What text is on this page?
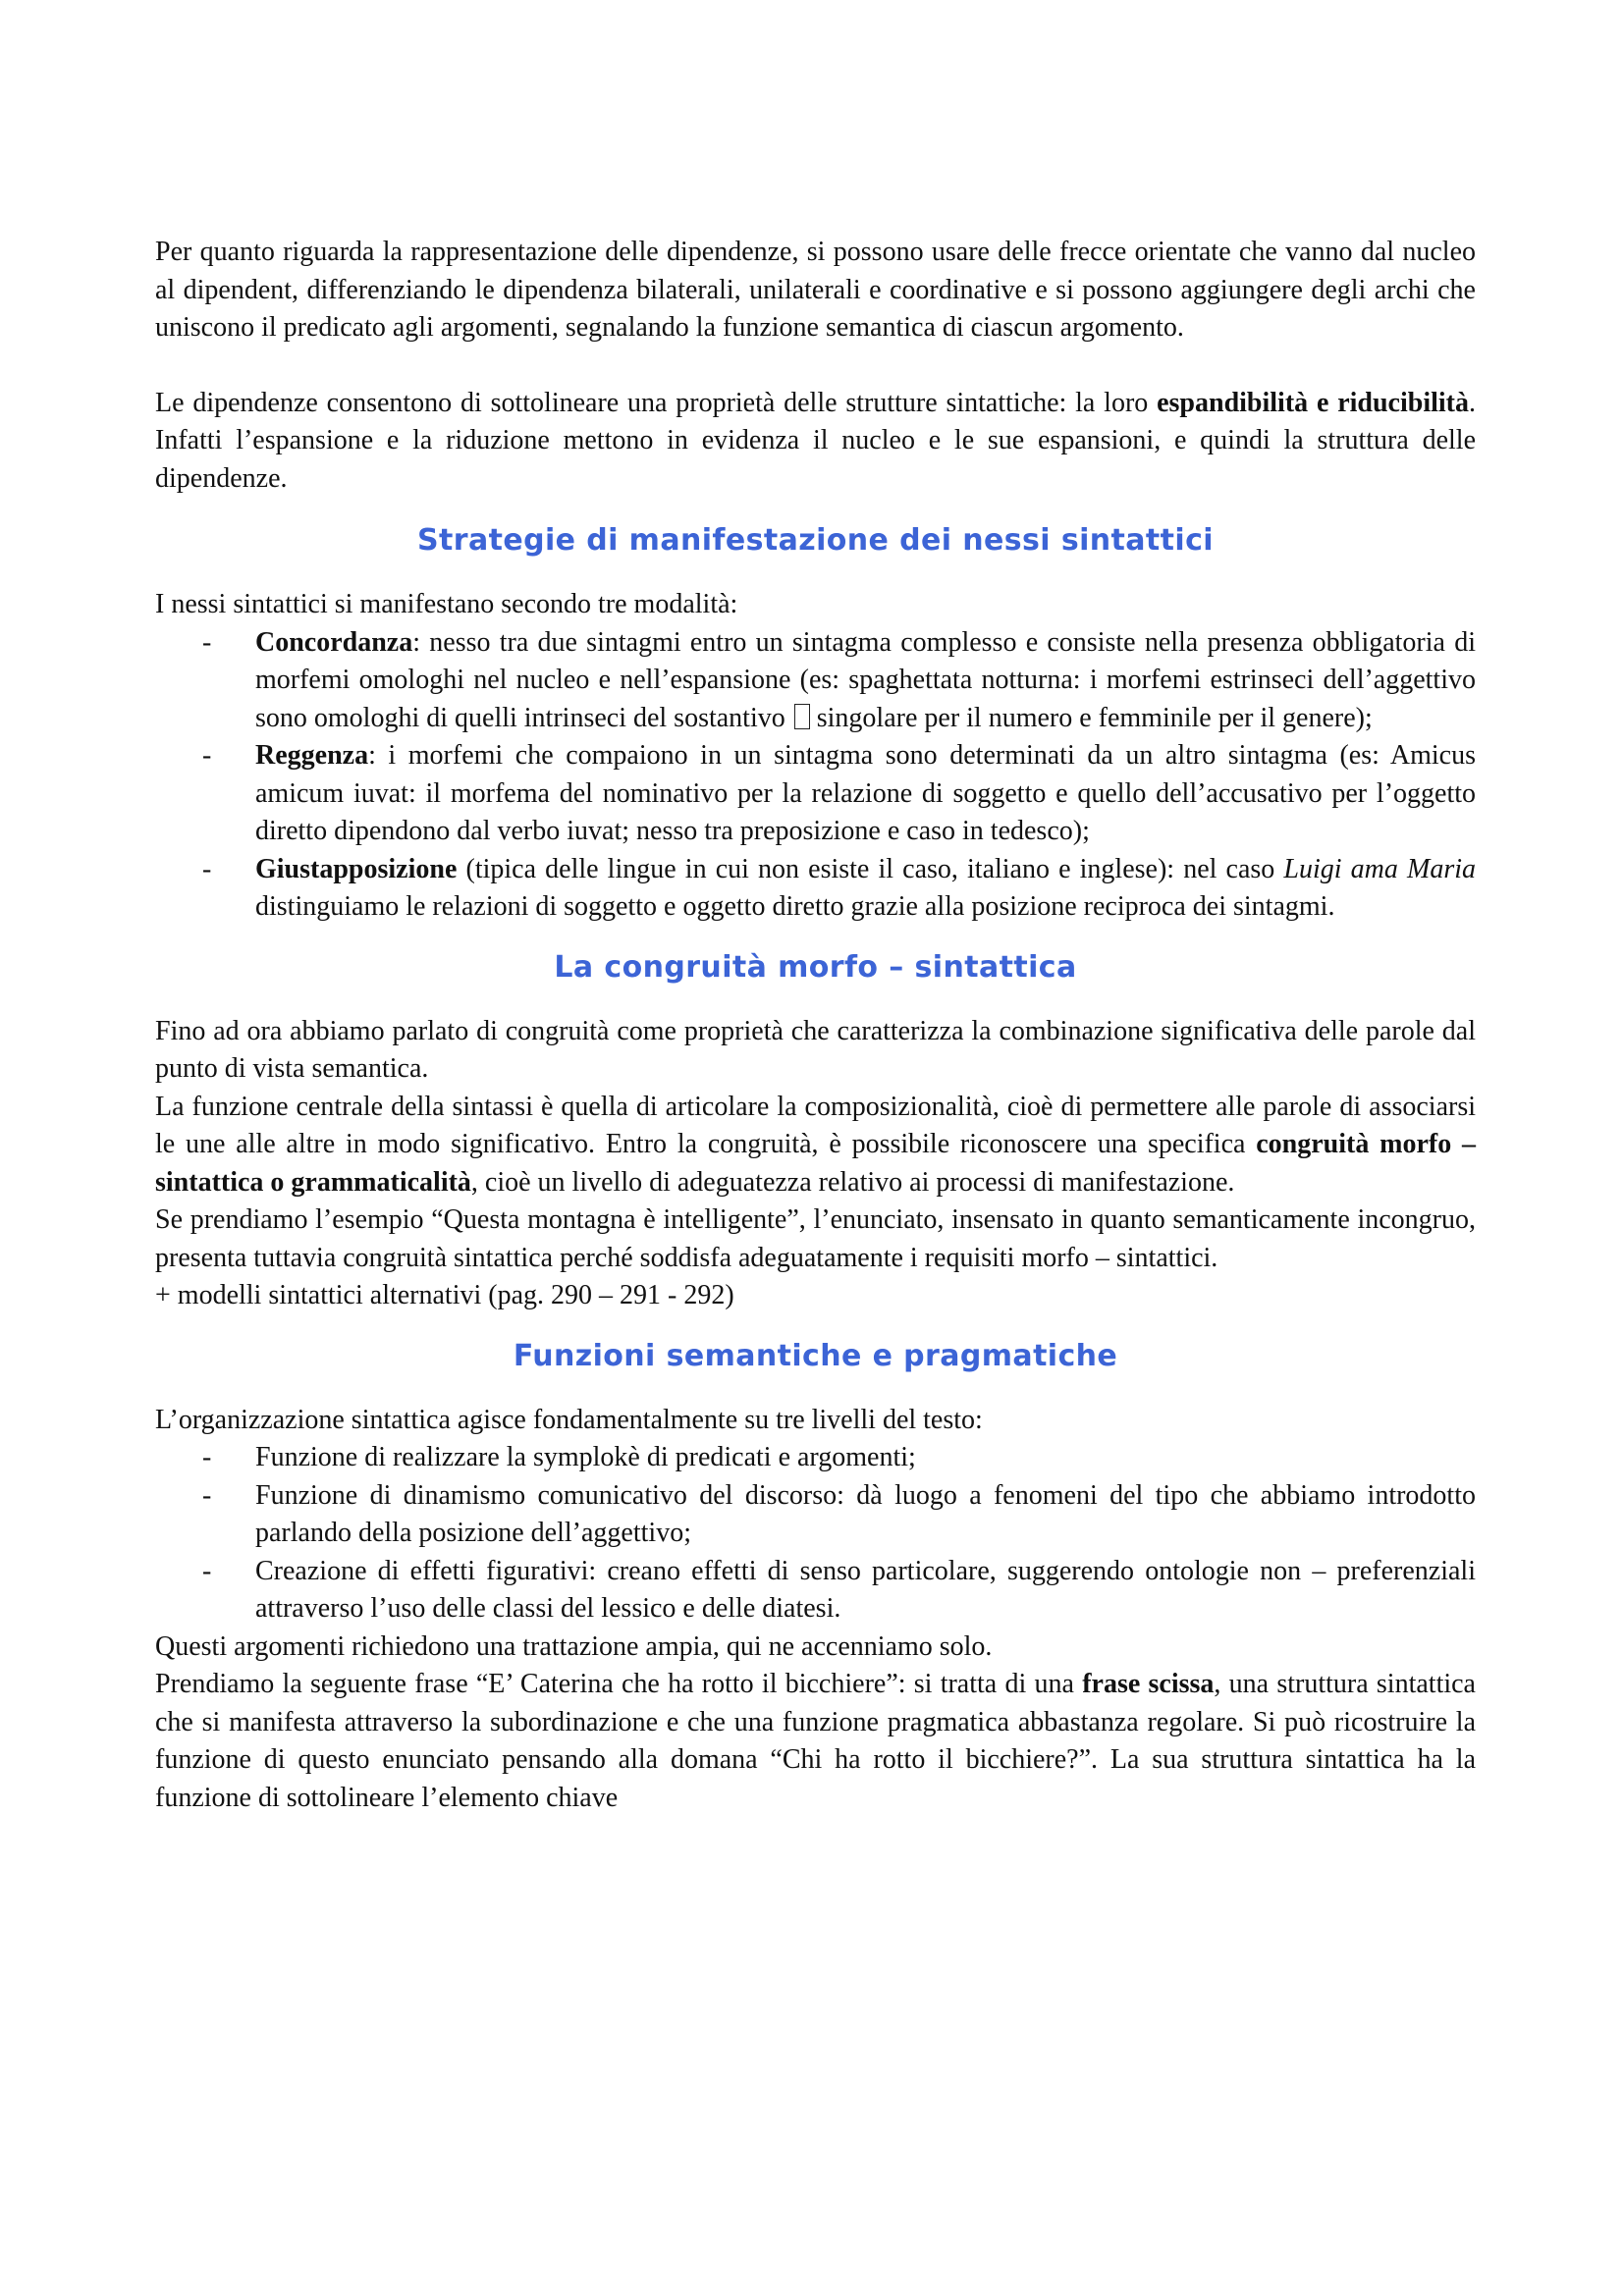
Per quanto riguarda la rappresentazione delle dipendenze, si possono usare delle frecce orientate che vanno dal nucleo al dipendent, differenziando le dipendenza bilaterali, unilaterali e coordinative e si possono aggiungere degli archi che uniscono il predicato agli argomenti, segnalando la funzione semantica di ciascun argomento.

Le dipendenze consentono di sottolineare una proprietà delle strutture sintattiche: la loro espandibilità e riducibilità. Infatti l’espansione e la riduzione mettono in evidenza il nucleo e le sue espansioni, e quindi la struttura delle dipendenze.

Strategie di manifestazione dei nessi sintattici

I nessi sintattici si manifestano secondo tre modalità:

- Concordanza: nesso tra due sintagmi entro un sintagma complesso e consiste nella presenza obbligatoria di morfemi omologhi nel nucleo e nell’espansione (es: spaghettata notturna: i morfemi estrinseci dell’aggettivo sono omologhi di quelli intrinseci del sostantivo singolare per il numero e femminile per il genere);
- Reggenza: i morfemi che compaiono in un sintagma sono determinati da un altro sintagma (es: Amicus amicum iuvat: il morfema del nominativo per la relazione di soggetto e quello dell’accusativo per l’oggetto diretto dipendono dal verbo iuvat; nesso tra preposizione e caso in tedesco);
- Giustapposizione (tipica delle lingue in cui non esiste il caso, italiano e inglese): nel caso Luigi ama Maria distinguiamo le relazioni di soggetto e oggetto diretto grazie alla posizione reciproca dei sintagmi.
La congruità morfo – sintattica

Fino ad ora abbiamo parlato di congruità come proprietà che caratterizza la combinazione significativa delle parole dal punto di vista semantica.

La funzione centrale della sintassi è quella di articolare la composizionalità, cioè di permettere alle parole di associarsi le une alle altre in modo significativo. Entro la congruità, è possibile riconoscere una specifica congruità morfo –sintattica o grammaticalità, cioè un livello di adeguatezza relativo ai processi di manifestazione.

Se prendiamo l’esempio “Questa montagna è intelligente”, l’enunciato, insensato in quanto semanticamente incongruo, presenta tuttavia congruità sintattica perché soddisfa adeguatamente i requisiti morfo – sintattici.

+ modelli sintattici alternativi (pag. 290 – 291 - 292)

Funzioni semantiche e pragmatiche

L’organizzazione sintattica agisce fondamentalmente su tre livelli del testo:

- Funzione di realizzare la symplokè di predicati e argomenti;
- Funzione di dinamismo comunicativo del discorso: dà luogo a fenomeni del tipo che abbiamo introdotto parlando della posizione dell’aggettivo;
- Creazione di effetti figurativi: creano effetti di senso particolare, suggerendo ontologie non – preferenziali attraverso l’uso delle classi del lessico e delle diatesi.

Questi argomenti richiedono una trattazione ampia, qui ne accenniamo solo.

Prendiamo la seguente frase “E’ Caterina che ha rotto il bicchiere”: si tratta di una frase scissa, una struttura sintattica che si manifesta attraverso la subordinazione e che una funzione pragmatica abbastanza regolare. Si può ricostruire la funzione di questo enunciato pensando alla domana “Chi ha rotto il bicchiere?”. La sua struttura sintattica ha la funzione di sottolineare l’elemento chiave
